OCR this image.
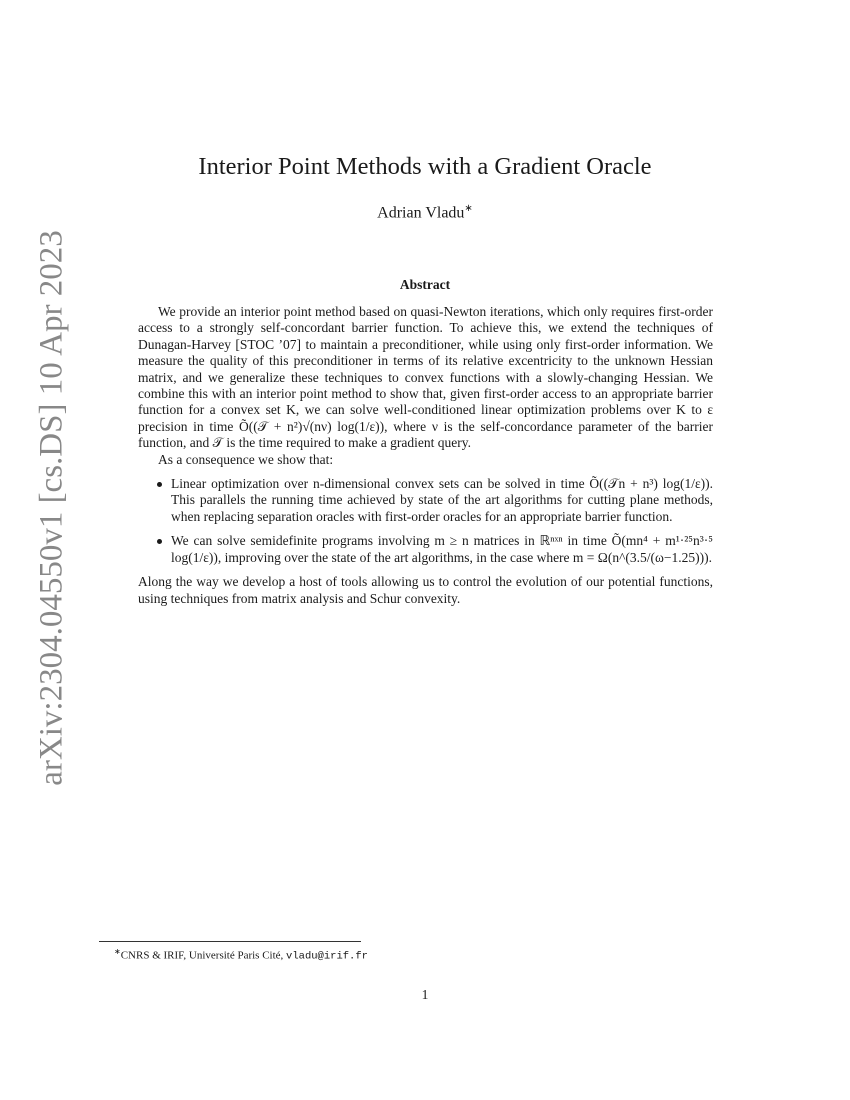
arXiv:2304.04550v1 [cs.DS] 10 Apr 2023
Interior Point Methods with a Gradient Oracle
Adrian Vladu∗
Abstract

We provide an interior point method based on quasi-Newton iterations, which only requires first-order access to a strongly self-concordant barrier function. To achieve this, we extend the techniques of Dunagan-Harvey [STOC ’07] to maintain a preconditioner, while using only first-order information. We measure the quality of this preconditioner in terms of its relative excentricity to the unknown Hessian matrix, and we generalize these techniques to convex functions with a slowly-changing Hessian. We combine this with an interior point method to show that, given first-order access to an appropriate barrier function for a convex set K, we can solve well-conditioned linear optimization problems over K to ε precision in time Õ((𝒯 + n²)√(nν) log(1/ε)), where ν is the self-concordance parameter of the barrier function, and 𝒯 is the time required to make a gradient query.

As a consequence we show that:

Linear optimization over n-dimensional convex sets can be solved in time Õ((𝒯n + n³) log(1/ε)). This parallels the running time achieved by state of the art algorithms for cutting plane methods, when replacing separation oracles with first-order oracles for an appropriate barrier function.
We can solve semidefinite programs involving m ≥ n matrices in ℝⁿˣⁿ in time Õ(mn⁴ + m¹·²⁵n³·⁵ log(1/ε)), improving over the state of the art algorithms, in the case where m = Ω(n^(3.5/(ω−1.25))).

Along the way we develop a host of tools allowing us to control the evolution of our potential functions, using techniques from matrix analysis and Schur convexity.

∗CNRS & IRIF, Université Paris Cité, vladu@irif.fr
1
